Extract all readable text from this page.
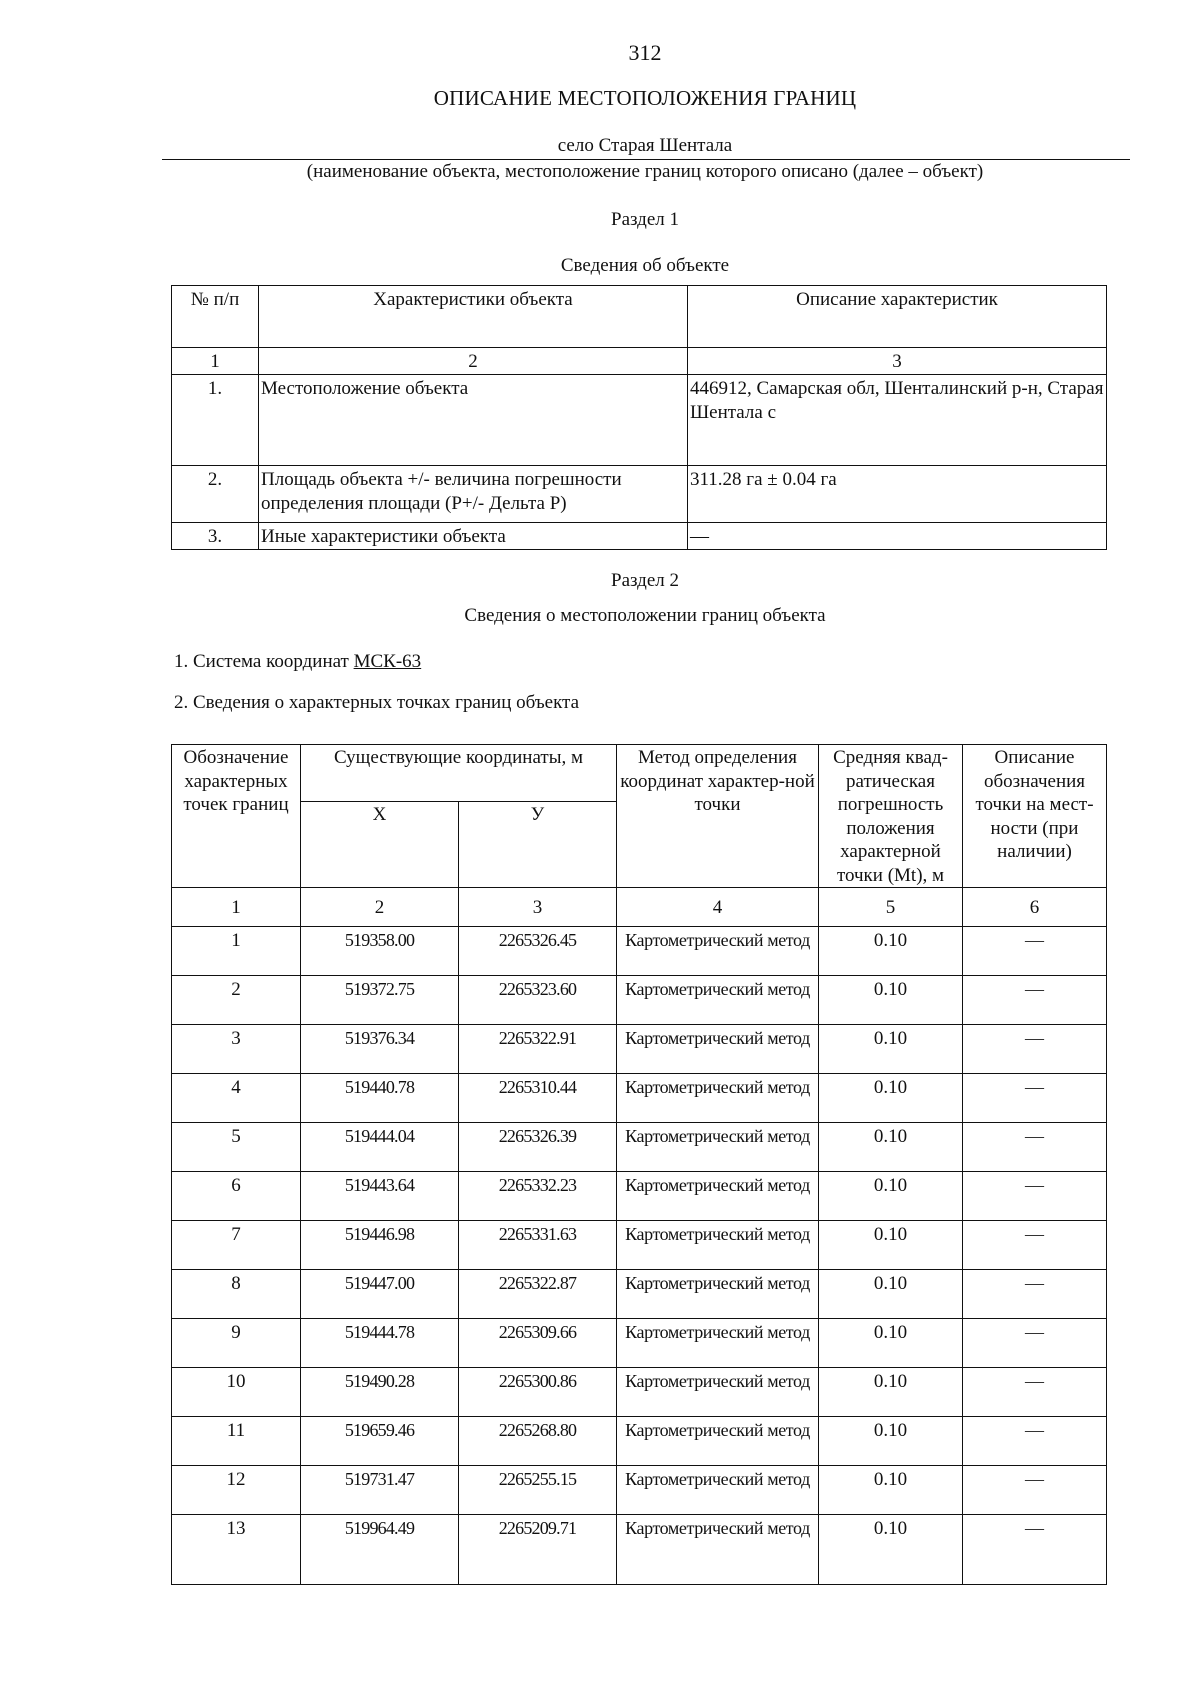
312
ОПИСАНИЕ МЕСТОПОЛОЖЕНИЯ ГРАНИЦ
село Старая Шентала
(наименование объекта, местоположение границ которого описано (далее – объект)
Раздел 1
Сведения об объекте
№ п/п	Характеристики объекта	Описание характеристик
1	2	3
1.	Местоположение объекта	446912, Самарская обл, Шенталинский р-н, Старая Шентала с
2.	Площадь объекта +/- величина погрешности определения площади (Р+/- Дельта Р)	311.28 га ± 0.04 га
3.	Иные характеристики объекта	—
Раздел 2
Сведения о местоположении границ объекта
1. Система координат МСК-63
2. Сведения о характерных точках границ объекта
Обозначение характерных точек границ	Существующие координаты, м		Метод определения координат характер-ной точки	Средняя квад-ратическая погрешность положения характерной точки (Mt), м	Описание обозначения точки на мест-ности (при наличии)
	X	У			
1	2	3	4	5	6
1	519358.00	2265326.45	Картометрический метод	0.10	—
2	519372.75	2265323.60	Картометрический метод	0.10	—
3	519376.34	2265322.91	Картометрический метод	0.10	—
4	519440.78	2265310.44	Картометрический метод	0.10	—
5	519444.04	2265326.39	Картометрический метод	0.10	—
6	519443.64	2265332.23	Картометрический метод	0.10	—
7	519446.98	2265331.63	Картометрический метод	0.10	—
8	519447.00	2265322.87	Картометрический метод	0.10	—
9	519444.78	2265309.66	Картометрический метод	0.10	—
10	519490.28	2265300.86	Картометрический метод	0.10	—
11	519659.46	2265268.80	Картометрический метод	0.10	—
12	519731.47	2265255.15	Картометрический метод	0.10	—
13	519964.49	2265209.71	Картометрический метод	0.10	—
